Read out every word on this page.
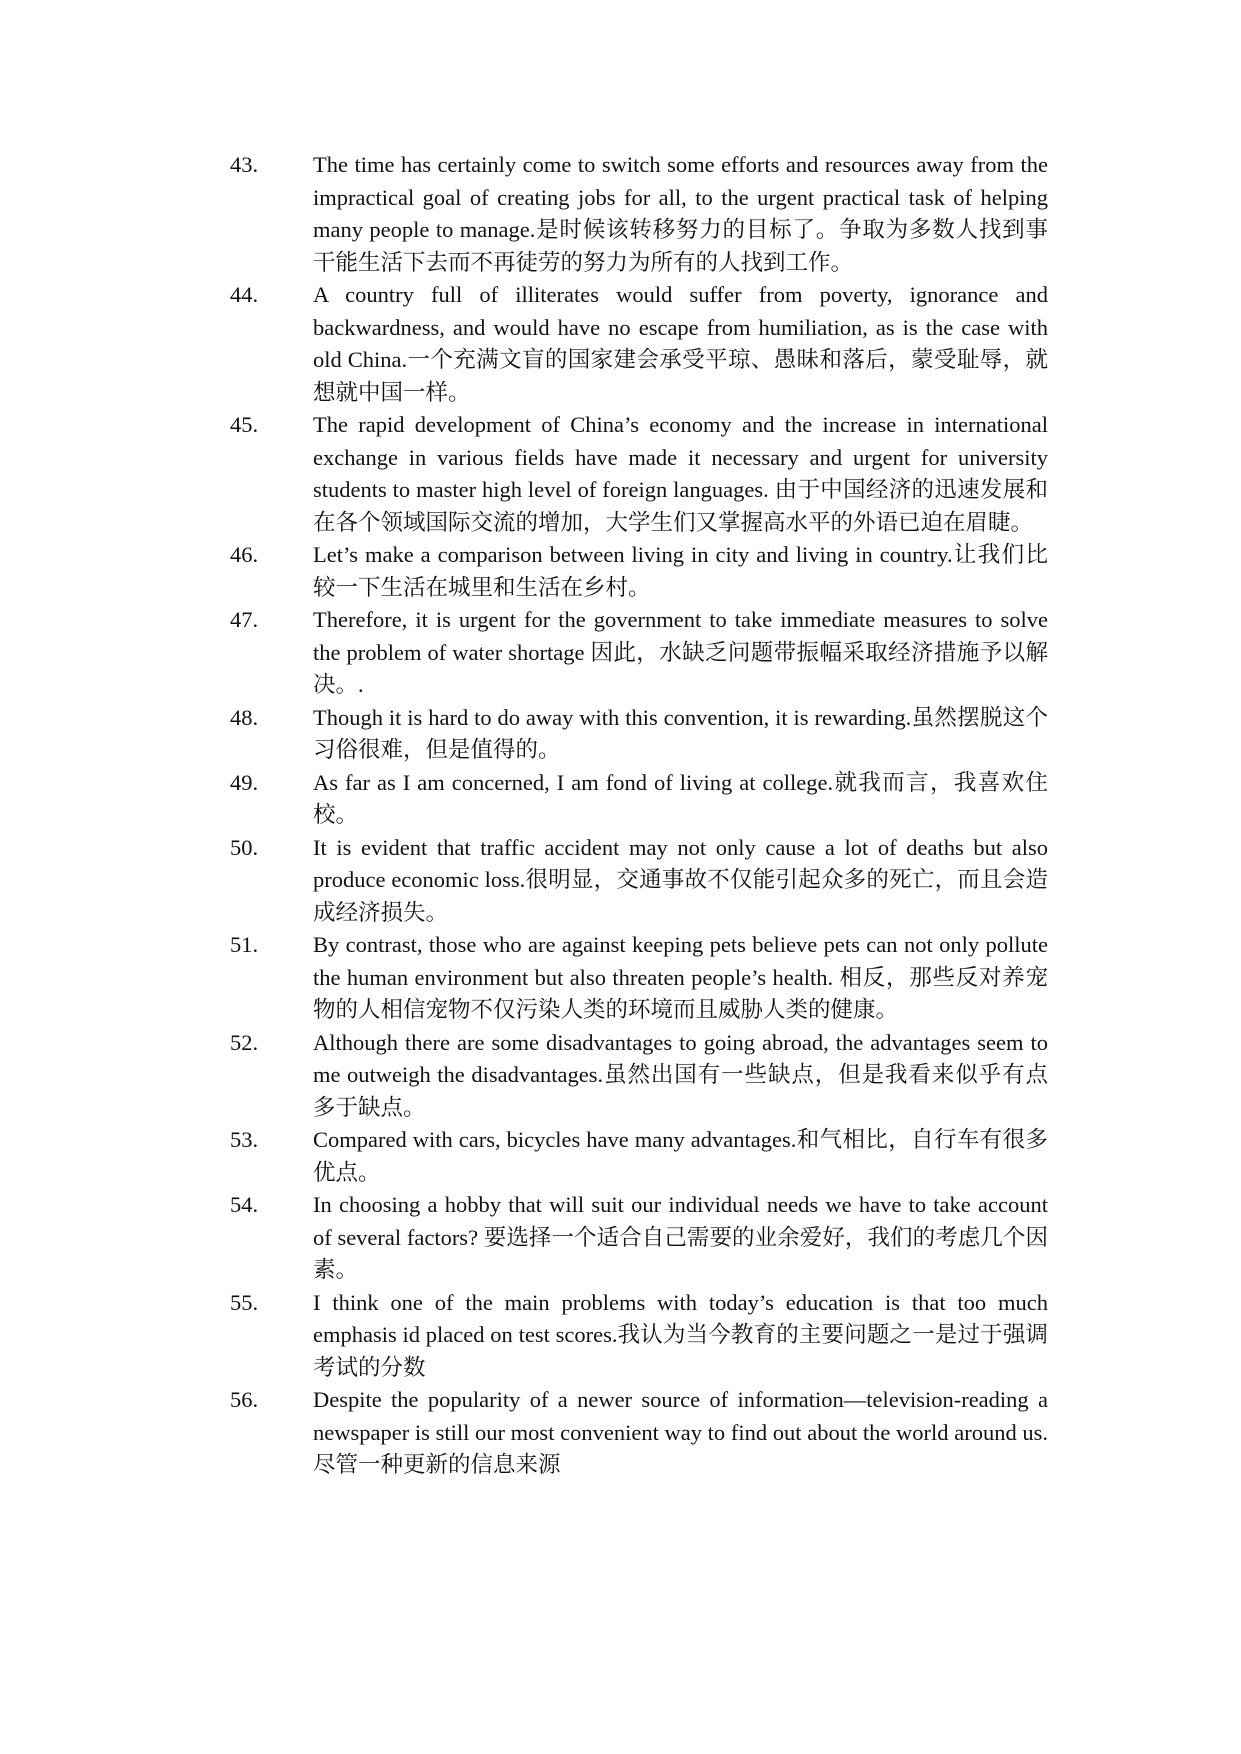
43.	The time has certainly come to switch some efforts and resources away from the impractical goal of creating jobs for all, to the urgent practical task of helping many people to manage.是时候该转移努力的目标了。争取为多数人找到事干能生活下去而不再徒劳的努力为所有的人找到工作。
44.	A country full of illiterates would suffer from poverty, ignorance and backwardness, and would have no escape from humiliation, as is the case with old China.一个充满文盲的国家建会承受平琼、愚昧和落后，蒙受耻辱，就想就中国一样。
45.	The rapid development of China’s economy and the increase in international exchange in various fields have made it necessary and urgent for university students to master high level of foreign languages. 由于中国经济的迅速发展和在各个领域国际交流的增加，大学生们又掌握高水平的外语已迫在眉睫。
46.	Let’s make a comparison between living in city and living in country.让我们比较一下生活在城里和生活在乡村。
47.	Therefore, it is urgent for the government to take immediate measures to solve the problem of water shortage 因此，水缺乏问题带振幅采取经济措施予以解决。.
48.	Though it is hard to do away with this convention, it is rewarding.虽然摆脱这个习俗很难，但是值得的。
49.	As far as I am concerned, I am fond of living at college.就我而言，我喜欢住校。
50.	It is evident that traffic accident may not only cause a lot of deaths but also produce economic loss.很明显，交通事故不仅能引起众多的死亡，而且会造成经济损失。
51.	By contrast, those who are against keeping pets believe pets can not only pollute the human environment but also threaten people’s health. 相反，那些反对养宠物的人相信宠物不仅污染人类的环境而且威胁人类的健康。
52.	Although there are some disadvantages to going abroad, the advantages seem to me outweigh the disadvantages.虽然出国有一些缺点，但是我看来似乎有点多于缺点。
53.	Compared with cars, bicycles have many advantages.和气相比，自行车有很多优点。
54.	In choosing a hobby that will suit our individual needs we have to take account of several factors? 要选择一个适合自己需要的业余爱好，我们的考虑几个因素。
55.	I think one of the main problems with today’s education is that too much emphasis id placed on test scores.我认为当今教育的主要问题之一是过于强调考试的分数
56.	Despite the popularity of a newer source of information—television-reading a newspaper is still our most convenient way to find out about the world around us. 尽管一种更新的信息来源
